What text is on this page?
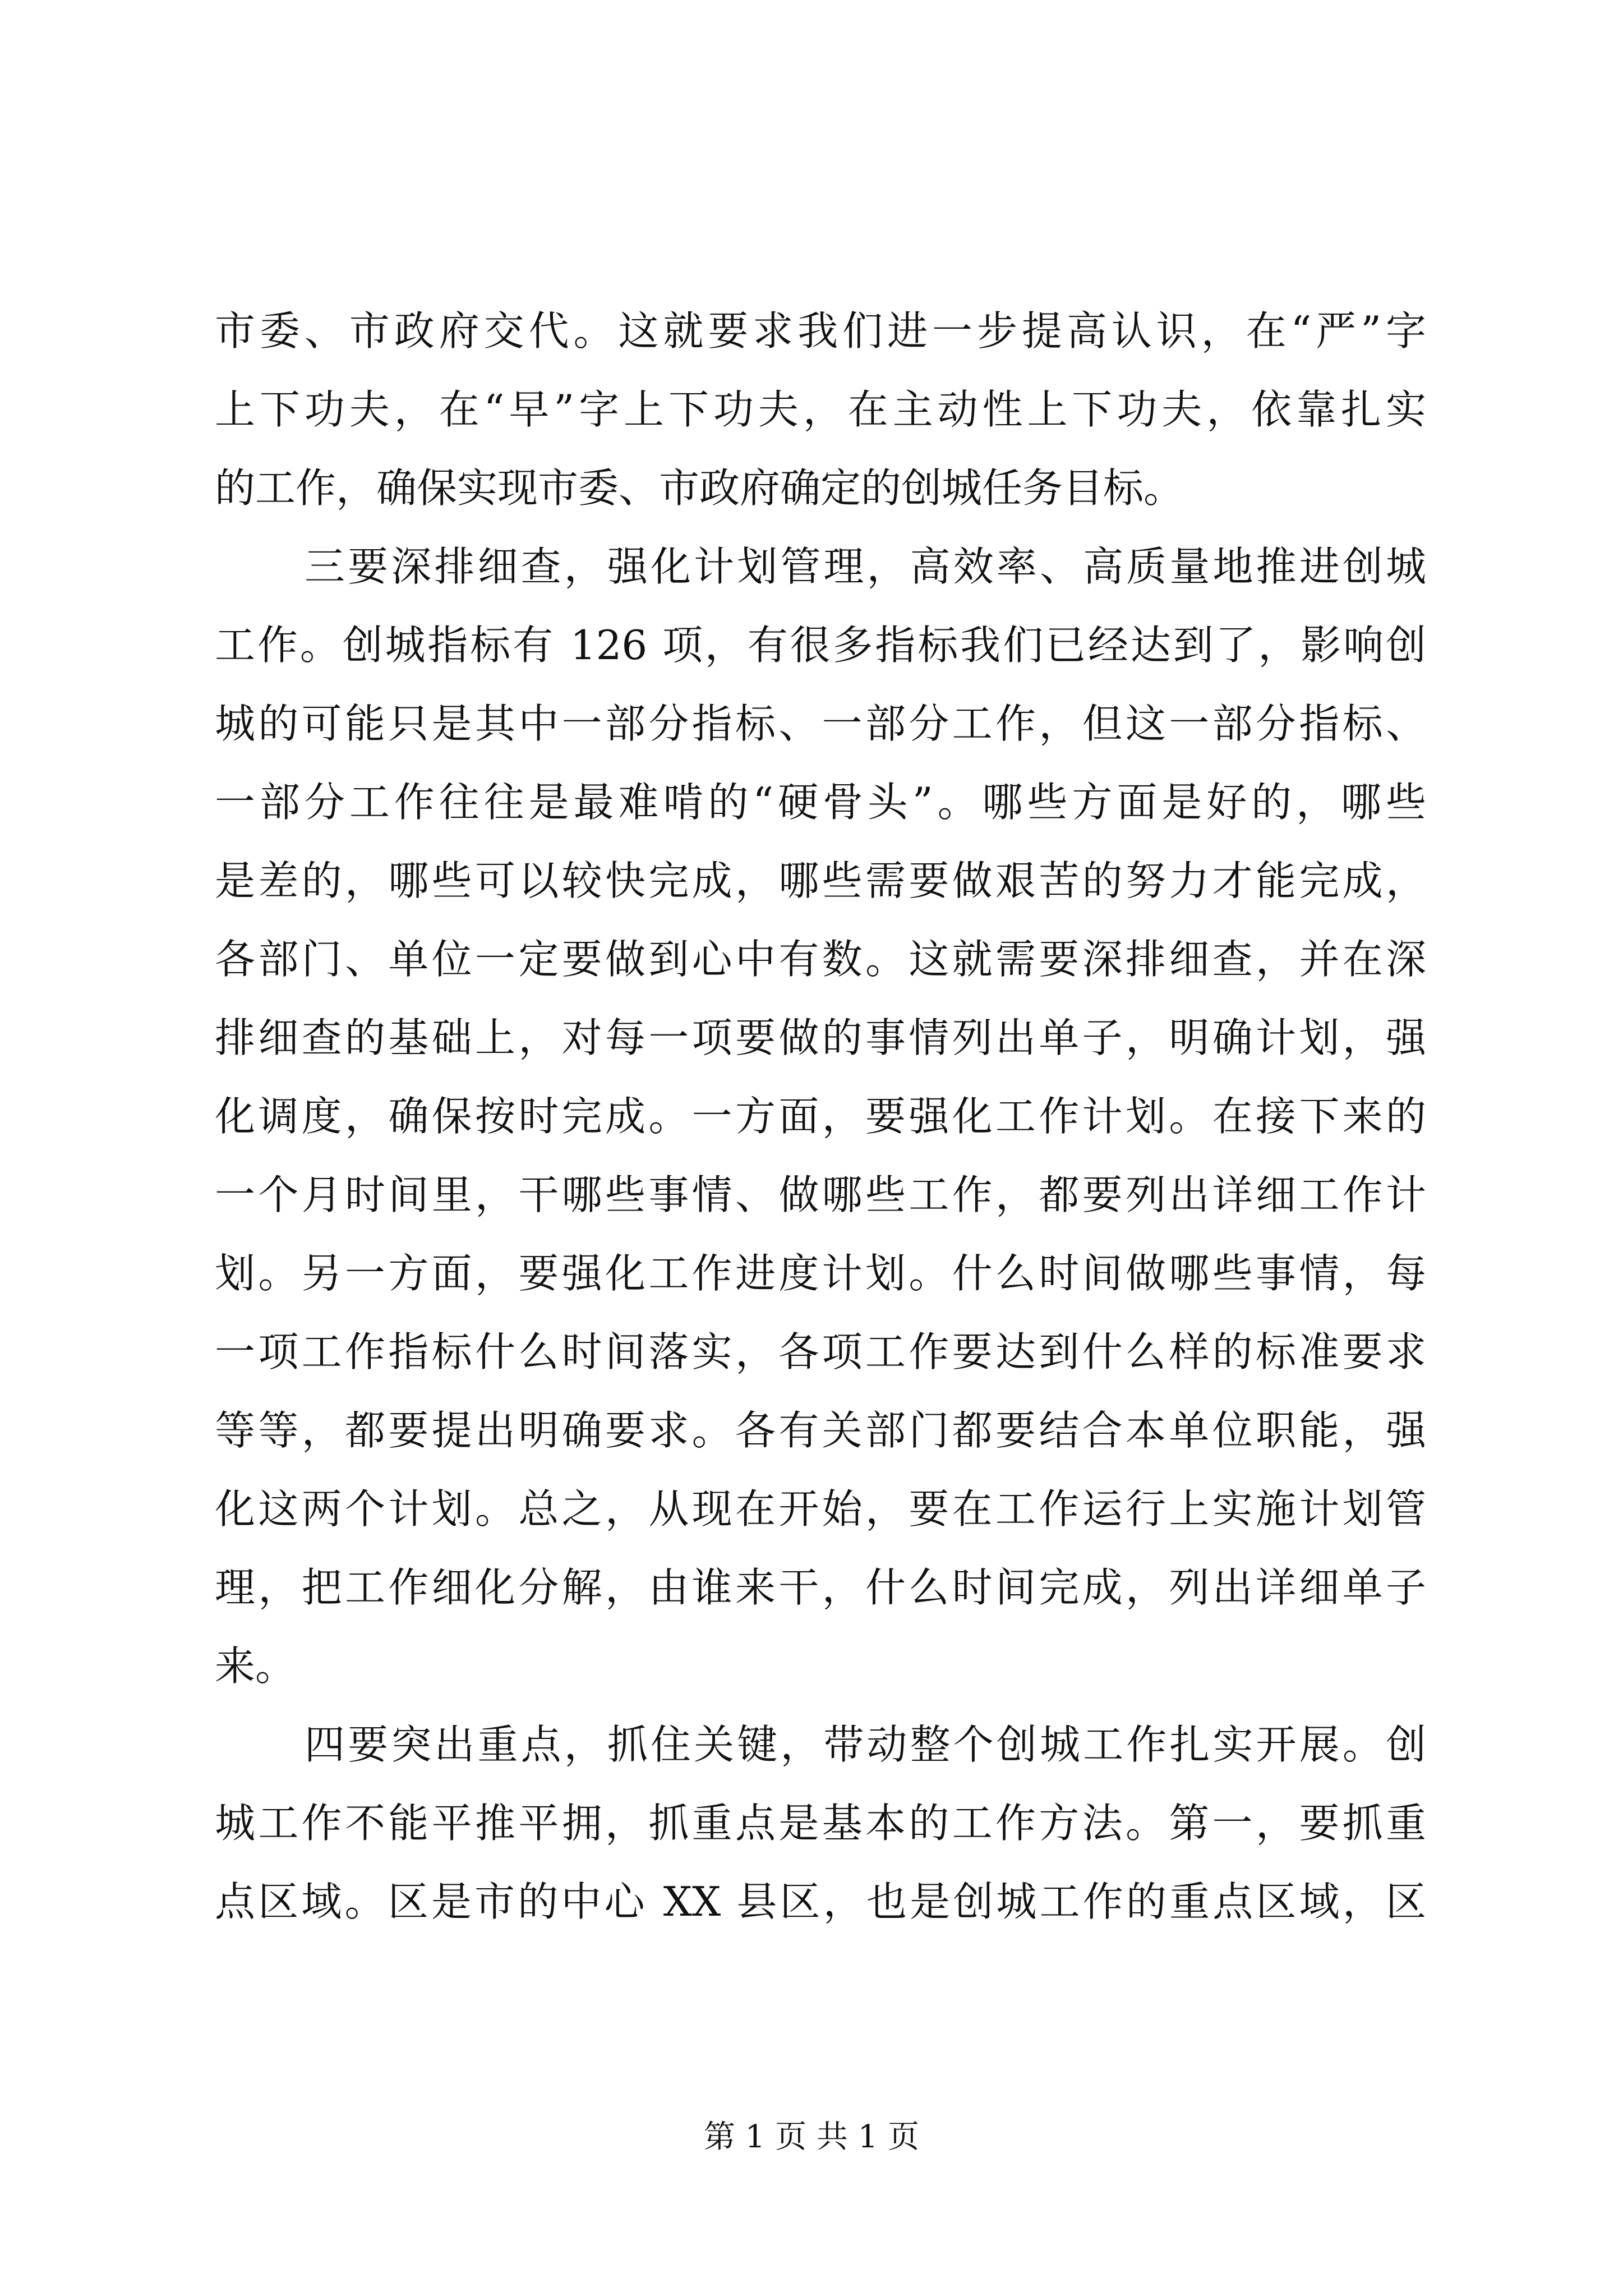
市委、市政府交代。这就要求我们进一步提高认识，在“严”字

上下功夫，在“早”字上下功夫，在主动性上下功夫，依靠扎实

的工作，确保实现市委、市政府确定的创城任务目标。

三要深排细查，强化计划管理，高效率、高质量地推进创城

工作。创城指标有 126 项，有很多指标我们已经达到了，影响创

城的可能只是其中一部分指标、一部分工作，但这一部分指标、

一部分工作往往是最难啃的“硬骨头”。哪些方面是好的，哪些

是差的，哪些可以较快完成，哪些需要做艰苦的努力才能完成，

各部门、单位一定要做到心中有数。这就需要深排细查，并在深

排细查的基础上，对每一项要做的事情列出单子，明确计划，强

化调度，确保按时完成。一方面，要强化工作计划。在接下来的

一个月时间里，干哪些事情、做哪些工作，都要列出详细工作计

划。另一方面，要强化工作进度计划。什么时间做哪些事情，每

一项工作指标什么时间落实，各项工作要达到什么样的标准要求

等等，都要提出明确要求。各有关部门都要结合本单位职能，强

化这两个计划。总之，从现在开始，要在工作运行上实施计划管

理，把工作细化分解，由谁来干，什么时间完成，列出详细单子

来。

四要突出重点，抓住关键，带动整个创城工作扎实开展。创

城工作不能平推平拥，抓重点是基本的工作方法。第一，要抓重

点区域。区是市的中心 XX 县区，也是创城工作的重点区域，区

第 1 页 共 1 页
